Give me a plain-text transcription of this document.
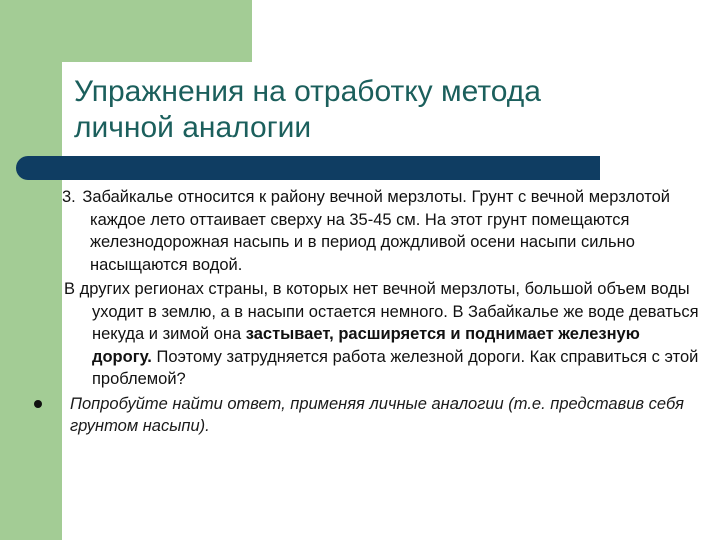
Упражнения на отработку метода
личной аналогии

3. Забайкалье относится к району вечной мерзлоты. Грунт с вечной мерзлотой каждое лето оттаивает сверху на 35-45 см. На этот грунт помещаются железнодорожная насыпь и в период дождливой осени насыпи сильно насыщаются водой.

В других регионах страны, в которых нет вечной мерзлоты, большой объем воды уходит в землю, а в насыпи остается немного. В Забайкалье же воде деваться некуда и зимой она застывает, расширяется и поднимает железную дорогу. Поэтому затрудняется работа железной дороги. Как справиться с этой проблемой?

Попробуйте найти ответ, применяя личные аналогии (т.е. представив себя грунтом насыпи).
